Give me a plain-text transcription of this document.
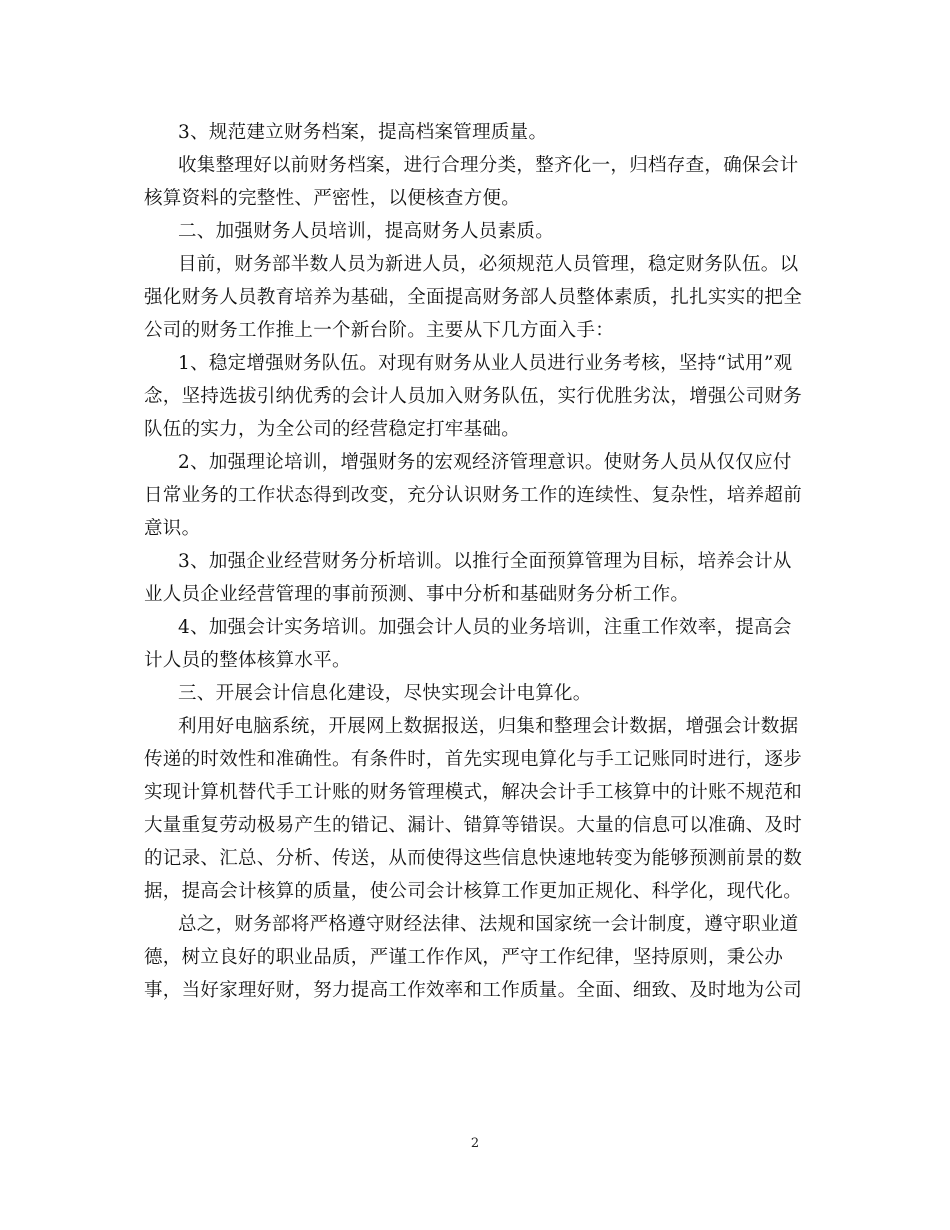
3、规范建立财务档案，提高档案管理质量。

收集整理好以前财务档案，进行合理分类，整齐化一，归档存查，确保会计核算资料的完整性、严密性，以便核查方便。

二、加强财务人员培训，提高财务人员素质。

目前，财务部半数人员为新进人员，必须规范人员管理，稳定财务队伍。以强化财务人员教育培养为基础，全面提高财务部人员整体素质，扎扎实实的把全公司的财务工作推上一个新台阶。主要从下几方面入手：

1、稳定增强财务队伍。对现有财务从业人员进行业务考核，坚持“试用”观念，坚持选拔引纳优秀的会计人员加入财务队伍，实行优胜劣汰，增强公司财务队伍的实力，为全公司的经营稳定打牢基础。

2、加强理论培训，增强财务的宏观经济管理意识。使财务人员从仅仅应付日常业务的工作状态得到改变，充分认识财务工作的连续性、复杂性，培养超前意识。

3、加强企业经营财务分析培训。以推行全面预算管理为目标，培养会计从业人员企业经营管理的事前预测、事中分析和基础财务分析工作。

4、加强会计实务培训。加强会计人员的业务培训，注重工作效率，提高会计人员的整体核算水平。

三、开展会计信息化建设，尽快实现会计电算化。

利用好电脑系统，开展网上数据报送，归集和整理会计数据，增强会计数据传递的时效性和准确性。有条件时，首先实现电算化与手工记账同时进行，逐步实现计算机替代手工计账的财务管理模式，解决会计手工核算中的计账不规范和大量重复劳动极易产生的错记、漏计、错算等错误。大量的信息可以准确、及时的记录、汇总、分析、传送，从而使得这些信息快速地转变为能够预测前景的数据，提高会计核算的质量，使公司会计核算工作更加正规化、科学化，现代化。

总之，财务部将严格遵守财经法律、法规和国家统一会计制度，遵守职业道德，树立良好的职业品质，严谨工作作风，严守工作纪律，坚持原则，秉公办事，当好家理好财，努力提高工作效率和工作质量。全面、细致、及时地为公司

2
